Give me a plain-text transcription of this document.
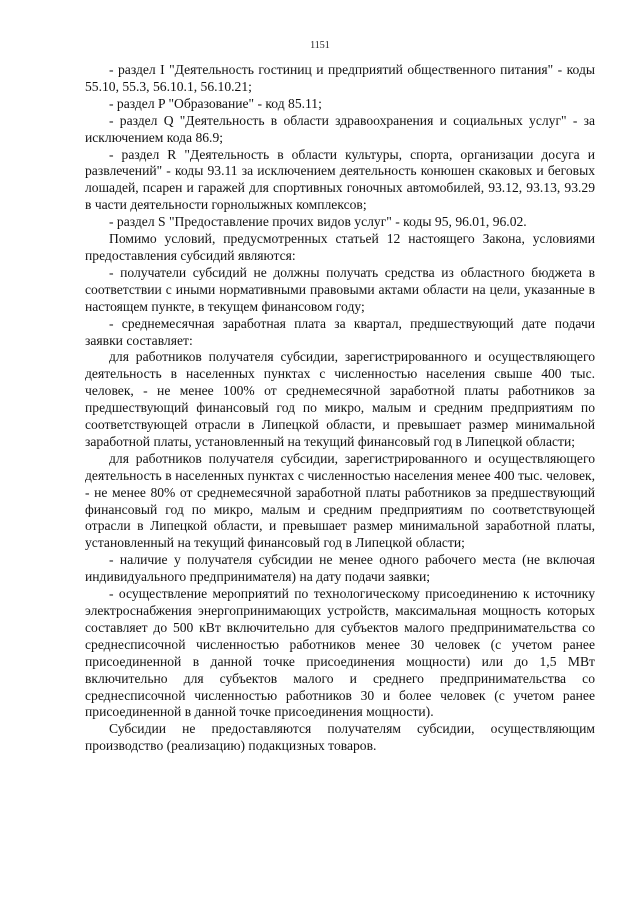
1151

- раздел I "Деятельность гостиниц и предприятий общественного питания" - коды 55.10, 55.3, 56.10.1, 56.10.21;

- раздел P "Образование" - код 85.11;

- раздел Q "Деятельность в области здравоохранения и социальных услуг" - за исключением кода 86.9;

- раздел R "Деятельность в области культуры, спорта, организации досуга и развлечений" - коды 93.11 за исключением деятельность конюшен скаковых и беговых лошадей, псарен и гаражей для спортивных гоночных автомобилей, 93.12, 93.13, 93.29 в части деятельности горнолыжных комплексов;

- раздел S "Предоставление прочих видов услуг" - коды 95, 96.01, 96.02.

Помимо условий, предусмотренных статьей 12 настоящего Закона, условиями предоставления субсидий являются:

- получатели субсидий не должны получать средства из областного бюджета в соответствии с иными нормативными правовыми актами области на цели, указанные в настоящем пункте, в текущем финансовом году;

- среднемесячная заработная плата за квартал, предшествующий дате подачи заявки составляет:

для работников получателя субсидии, зарегистрированного и осуществляющего деятельность в населенных пунктах с численностью населения свыше 400 тыс. человек, - не менее 100% от среднемесячной заработной платы работников за предшествующий финансовый год по микро, малым и средним предприятиям по соответствующей отрасли в Липецкой области, и превышает размер минимальной заработной платы, установленный на текущий финансовый год в Липецкой области;

для работников получателя субсидии, зарегистрированного и осуществляющего деятельность в населенных пунктах с численностью населения менее 400 тыс. человек, - не менее 80% от среднемесячной заработной платы работников за предшествующий финансовый год по микро, малым и средним предприятиям по соответствующей отрасли в Липецкой области, и превышает размер минимальной заработной платы, установленный на текущий финансовый год в Липецкой области;

- наличие у получателя субсидии не менее одного рабочего места (не включая индивидуального предпринимателя) на дату подачи заявки;

- осуществление мероприятий по технологическому присоединению к источнику электроснабжения энергопринимающих устройств, максимальная мощность которых составляет до 500 кВт включительно для субъектов малого предпринимательства со среднесписочной численностью работников менее 30 человек (с учетом ранее присоединенной в данной точке присоединения мощности) или до 1,5 МВт включительно для субъектов малого и среднего предпринимательства со среднесписочной численностью работников 30 и более человек (с учетом ранее присоединенной в данной точке присоединения мощности).

Субсидии не предоставляются получателям субсидии, осуществляющим производство (реализацию) подакцизных товаров.
